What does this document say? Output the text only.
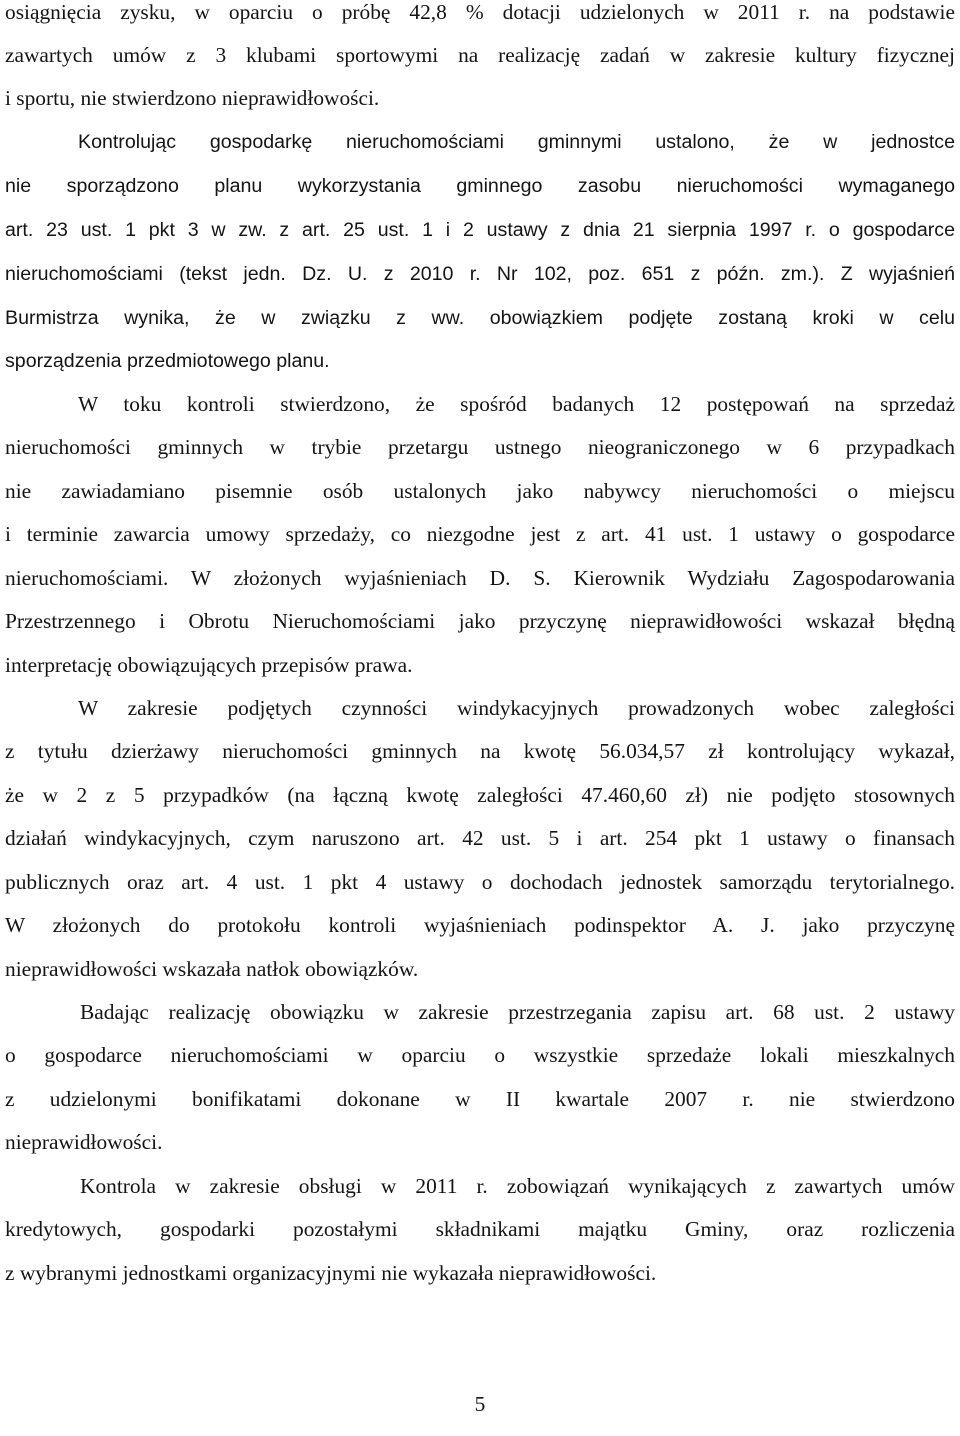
osiągnięcia zysku, w oparciu o próbę 42,8 % dotacji udzielonych w 2011 r. na podstawie
zawartych umów z 3 klubami sportowymi na realizację zadań w zakresie kultury fizycznej
i sportu, nie stwierdzono nieprawidłowości.
Kontrolując gospodarkę nieruchomościami gminnymi ustalono, że w jednostce
nie sporządzono planu wykorzystania gminnego zasobu nieruchomości wymaganego
art. 23 ust. 1 pkt 3 w zw. z art. 25 ust. 1 i 2 ustawy z dnia 21 sierpnia 1997 r. o gospodarce
nieruchomościami (tekst jedn. Dz. U. z 2010 r. Nr 102, poz. 651 z późn. zm.). Z wyjaśnień
Burmistrza wynika, że w związku z ww. obowiązkiem podjęte zostaną kroki w celu
sporządzenia przedmiotowego planu.
W toku kontroli stwierdzono, że spośród badanych 12 postępowań na sprzedaż
nieruchomości gminnych w trybie przetargu ustnego nieograniczonego w 6 przypadkach
nie zawiadamiano pisemnie osób ustalonych jako nabywcy nieruchomości o miejscu
i terminie zawarcia umowy sprzedaży, co niezgodne jest z art. 41 ust. 1 ustawy o gospodarce
nieruchomościami. W złożonych wyjaśnieniach D. S. Kierownik Wydziału Zagospodarowania
Przestrzennego i Obrotu Nieruchomościami jako przyczynę nieprawidłowości wskazał błędną
interpretację obowiązujących przepisów prawa.
W zakresie podjętych czynności windykacyjnych prowadzonych wobec zaległości
z tytułu dzierżawy nieruchomości gminnych na kwotę 56.034,57 zł kontrolujący wykazał,
że w 2 z 5 przypadków (na łączną kwotę zaległości 47.460,60 zł) nie podjęto stosownych
działań windykacyjnych, czym naruszono art. 42 ust. 5 i art. 254 pkt 1 ustawy o finansach
publicznych oraz art. 4 ust. 1 pkt 4 ustawy o dochodach jednostek samorządu terytorialnego.
W złożonych do protokołu kontroli wyjaśnieniach podinspektor A. J. jako przyczynę
nieprawidłowości wskazała natłok obowiązków.
Badając realizację obowiązku w zakresie przestrzegania zapisu art. 68 ust. 2 ustawy
o gospodarce nieruchomościami w oparciu o wszystkie sprzedaże lokali mieszkalnych
z udzielonymi bonifikatami dokonane w II kwartale 2007 r. nie stwierdzono
nieprawidłowości.
Kontrola w zakresie obsługi w 2011 r. zobowiązań wynikających z zawartych umów
kredytowych, gospodarki pozostałymi składnikami majątku Gminy, oraz rozliczenia
z wybranymi jednostkami organizacyjnymi nie wykazała nieprawidłowości.
5
